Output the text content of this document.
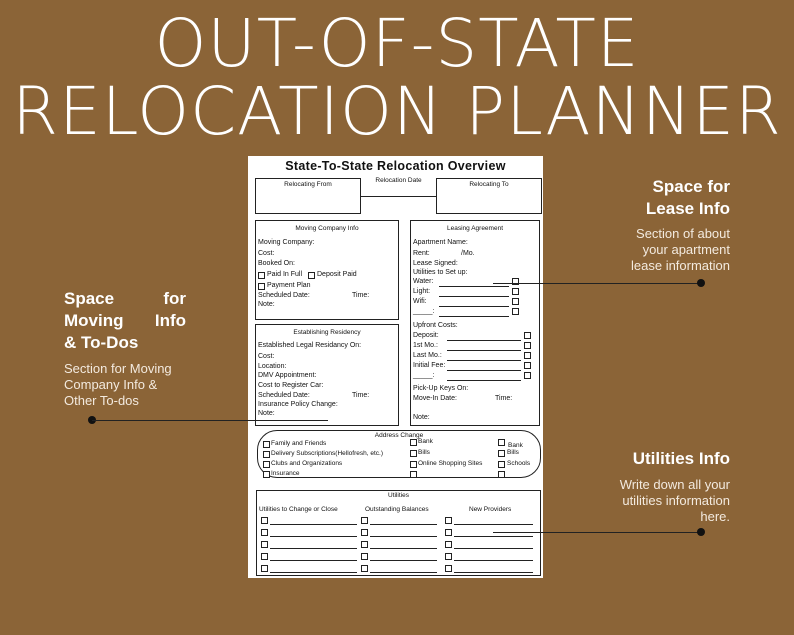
OUT-OF-STATE
RELOCATION PLANNER
State-To-State Relocation Overview
Relocating From
Relocation Date
Relocating To
Moving Company Info
Moving Company:
Cost:
Booked On:
Paid In Full Deposit Paid
Payment Plan
Scheduled Date:	Time:
Note:
Establishing Residency
Established Legal Residancy On:
Cost:
Location:
DMV Appointment:
Cost to Register Car:
Scheduled Date:	Time:
Insurance Policy Change:
Note:
Leasing Agreement
Apartment Name:
Rent:	/Mo.
Lease Signed:
Utilities to Set up:
Water:
Light:
Wifi:
_____:
Upfront Costs:
Deposit:
1st Mo.:
Last Mo.:
Initial Fee:
_____:
Pick-Up Keys On:
Move-In Date:	Time:
Note:
Address Change
Family and Friends
Delivery Subscriptions(Hellofresh, etc.)
Clubs and Organizations
Insurance
Bank
Bills
Online Shopping Sites
Bank
Bills
Schools
Utilities
Utilities to Change or Close	Outstanding Balances	New Providers
Space for
Lease Info
Section of about
your apartment
lease information
Space	for
Moving Info
& To-Dos
Section for Moving
Company Info &
Other To-dos
Utilities Info
Write down all your
utilities information
here.
